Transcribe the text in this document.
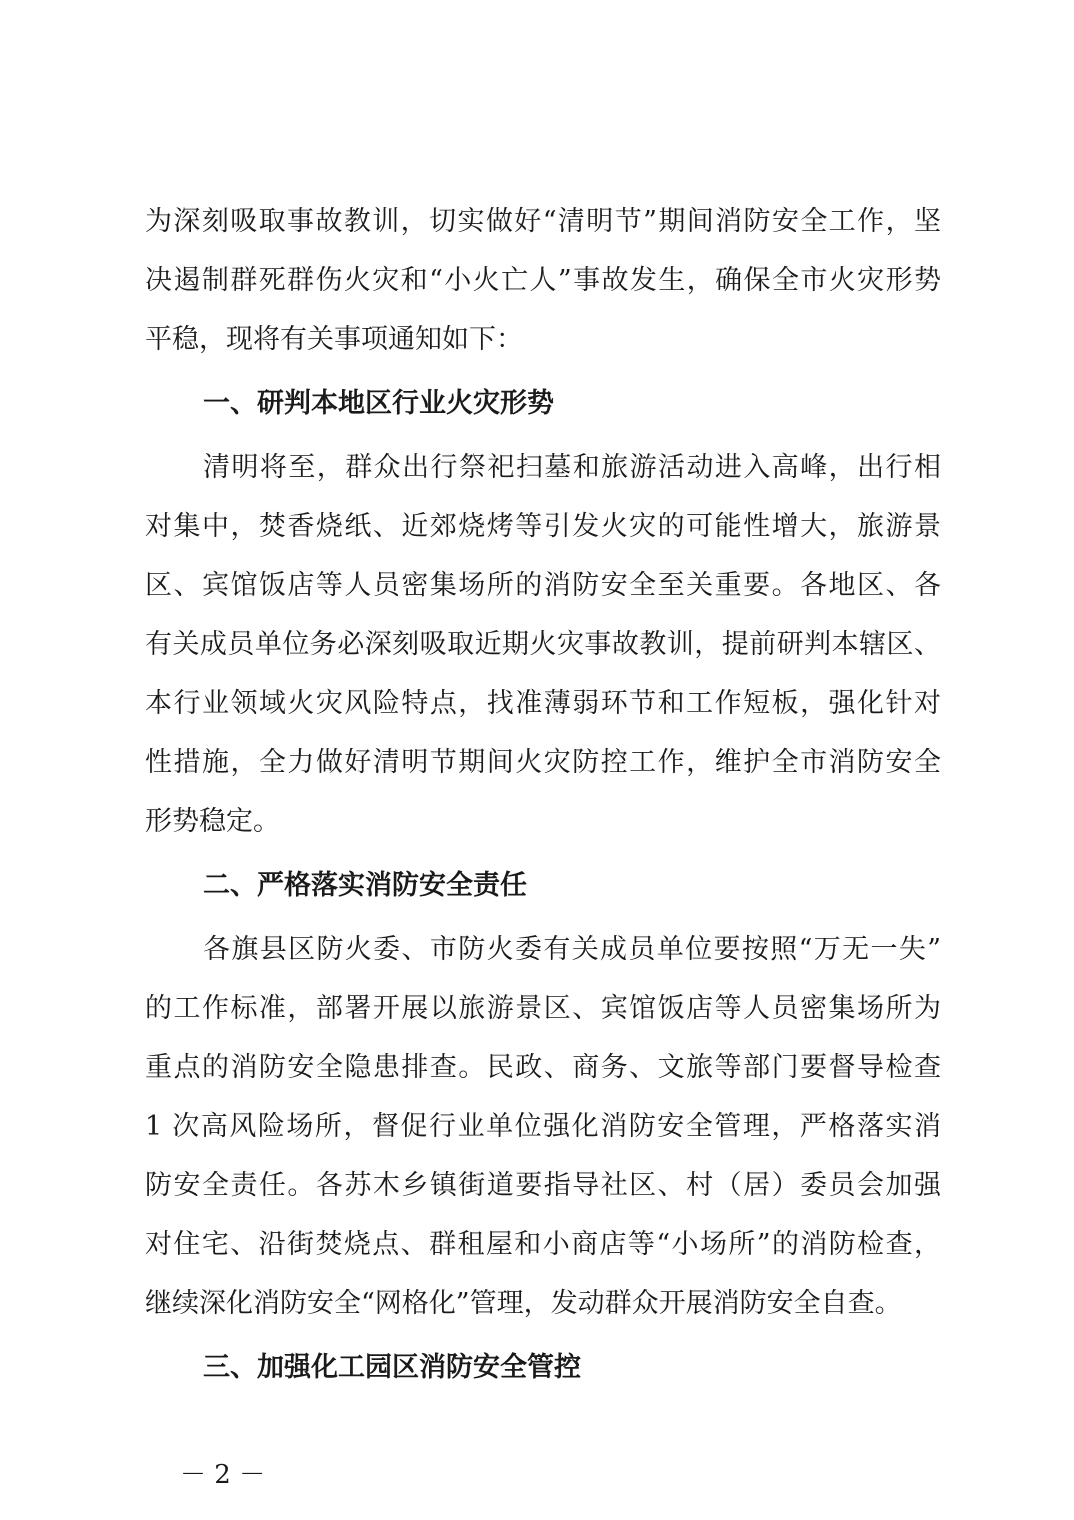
为深刻吸取事故教训，切实做好“清明节”期间消防安全工作，坚
决遏制群死群伤火灾和“小火亡人”事故发生，确保全市火灾形势
平稳，现将有关事项通知如下：
一、研判本地区行业火灾形势
清明将至，群众出行祭祀扫墓和旅游活动进入高峰，出行相
对集中，焚香烧纸、近郊烧烤等引发火灾的可能性增大，旅游景
区、宾馆饭店等人员密集场所的消防安全至关重要。各地区、各
有关成员单位务必深刻吸取近期火灾事故教训，提前研判本辖区、
本行业领域火灾风险特点，找准薄弱环节和工作短板，强化针对
性措施，全力做好清明节期间火灾防控工作，维护全市消防安全
形势稳定。
二、严格落实消防安全责任
各旗县区防火委、市防火委有关成员单位要按照“万无一失”
的工作标准，部署开展以旅游景区、宾馆饭店等人员密集场所为
重点的消防安全隐患排查。民政、商务、文旅等部门要督导检查
1 次高风险场所，督促行业单位强化消防安全管理，严格落实消
防安全责任。各苏木乡镇街道要指导社区、村（居）委员会加强
对住宅、沿街焚烧点、群租屋和小商店等“小场所”的消防检查，
继续深化消防安全“网格化”管理，发动群众开展消防安全自查。
三、加强化工园区消防安全管控
－ 2 －
